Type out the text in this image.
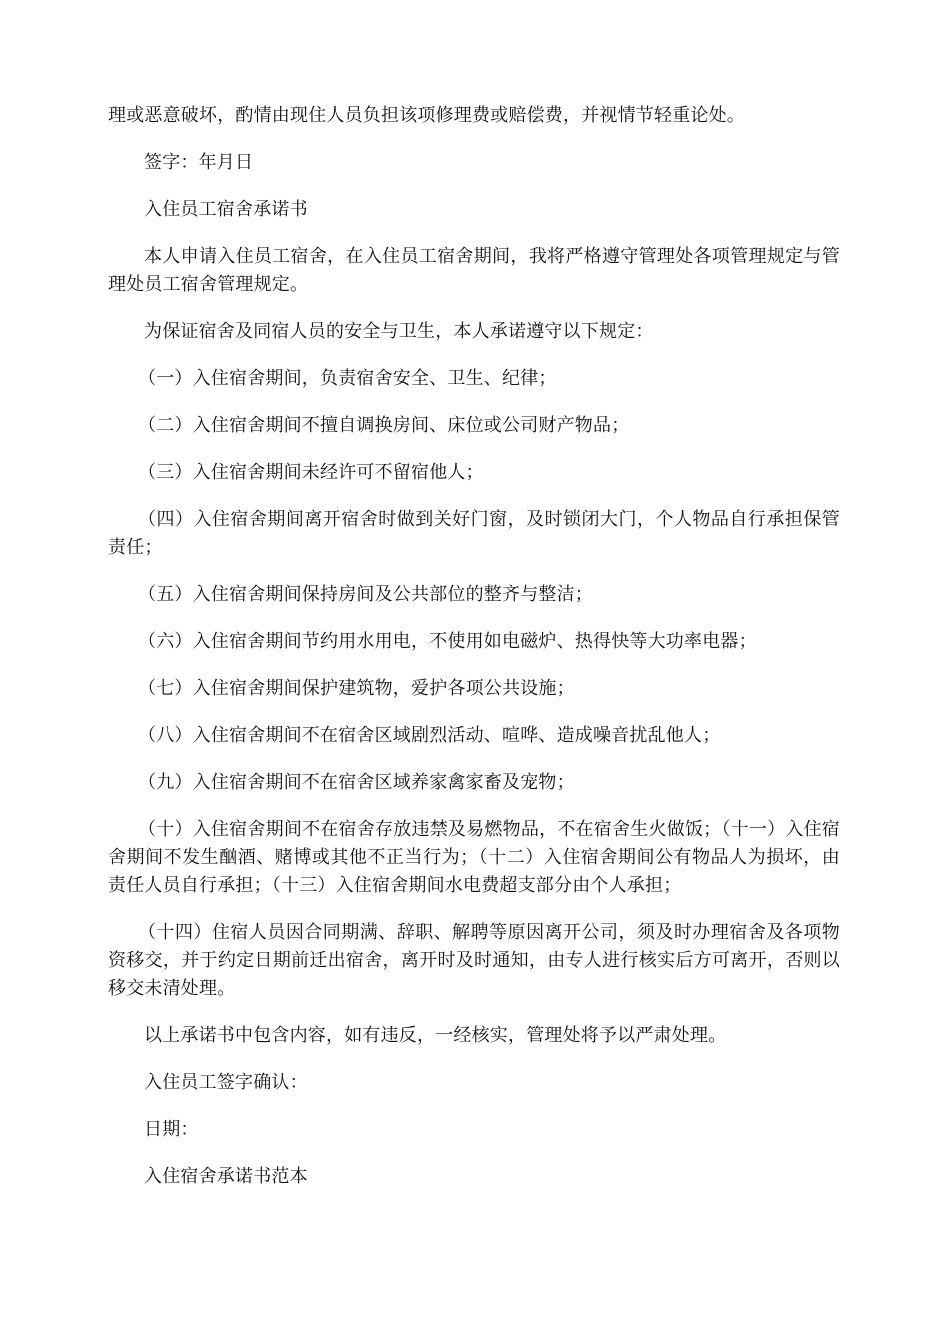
理或恶意破坏，酌情由现住人员负担该项修理费或赔偿费，并视情节轻重论处。

签字：年月日

入住员工宿舍承诺书

本人申请入住员工宿舍，在入住员工宿舍期间，我将严格遵守管理处各项管理规定与管理处员工宿舍管理规定。

为保证宿舍及同宿人员的安全与卫生，本人承诺遵守以下规定：

（一）入住宿舍期间，负责宿舍安全、卫生、纪律；

（二）入住宿舍期间不擅自调换房间、床位或公司财产物品；

（三）入住宿舍期间未经许可不留宿他人；

（四）入住宿舍期间离开宿舍时做到关好门窗，及时锁闭大门，个人物品自行承担保管责任；

（五）入住宿舍期间保持房间及公共部位的整齐与整洁；

（六）入住宿舍期间节约用水用电，不使用如电磁炉、热得快等大功率电器；

（七）入住宿舍期间保护建筑物，爱护各项公共设施；

（八）入住宿舍期间不在宿舍区域剧烈活动、喧哗、造成噪音扰乱他人；

（九）入住宿舍期间不在宿舍区域养家禽家畜及宠物；

（十）入住宿舍期间不在宿舍存放违禁及易燃物品，不在宿舍生火做饭；（十一）入住宿舍期间不发生酗酒、赌博或其他不正当行为；（十二）入住宿舍期间公有物品人为损坏，由责任人员自行承担；（十三）入住宿舍期间水电费超支部分由个人承担；

（十四）住宿人员因合同期满、辞职、解聘等原因离开公司，须及时办理宿舍及各项物资移交，并于约定日期前迁出宿舍，离开时及时通知，由专人进行核实后方可离开，否则以移交未清处理。

以上承诺书中包含内容，如有违反，一经核实，管理处将予以严肃处理。

入住员工签字确认：

日期：

入住宿舍承诺书范本
